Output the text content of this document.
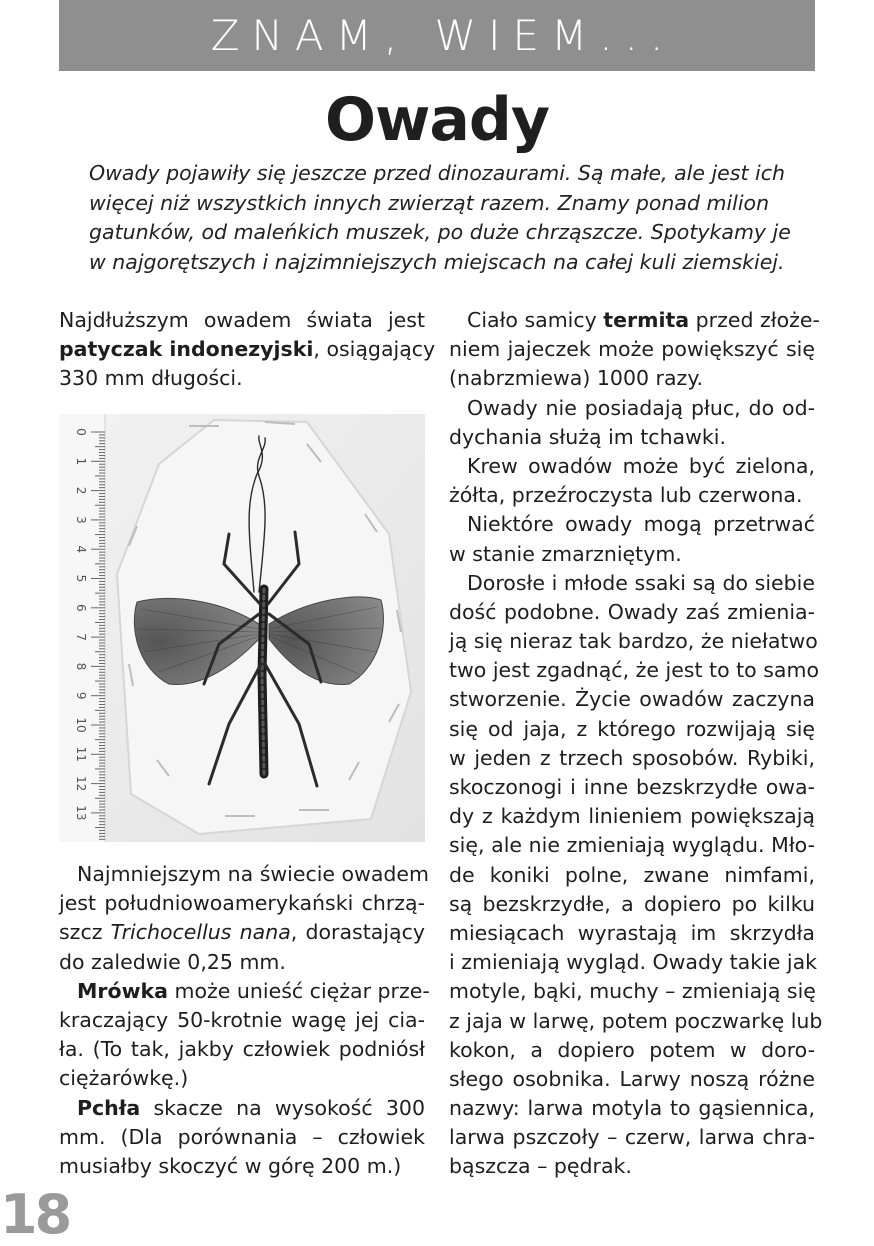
ZNAM, WIEM...
Owady
Owady pojawiły się jeszcze przed dinozaurami. Są małe, ale jest ich
więcej niż wszystkich innych zwierząt razem. Znamy ponad milion
gatunków, od maleńkich muszek, po duże chrząszcze. Spotykamy je
w najgorętszych i najzimniejszych miejscach na całej kuli ziemskiej.
Najdłuższym owadem świata jest
patyczak indonezyjski, osiągający
330 mm długości.
0
1
2
3
4
5
6
7
8
9
10
11
12
13
Najmniejszym na świecie owadem
jest południowoamerykański chrzą-
szcz Trichocellus nana, dorastający
do zaledwie 0,25 mm.
Mrówka może unieść ciężar prze-
kraczający 50-krotnie wagę jej cia-
ła. (To tak, jakby człowiek podniósł
ciężarówkę.)
Pchła skacze na wysokość 300
mm. (Dla porównania – człowiek
musiałby skoczyć w górę 200 m.)
Ciało samicy termita przed złoże-
niem jajeczek może powiększyć się
(nabrzmiewa) 1000 razy.
Owady nie posiadają płuc, do od-
dychania służą im tchawki.
Krew owadów może być zielona,
żółta, przeźroczysta lub czerwona.
Niektóre owady mogą przetrwać
w stanie zmarzniętym.
Dorosłe i młode ssaki są do siebie
dość podobne. Owady zaś zmienia-
ją się nieraz tak bardzo, że niełatwo
two jest zgadnąć, że jest to to samo
stworzenie. Życie owadów zaczyna
się od jaja, z którego rozwijają się
w jeden z trzech sposobów. Rybiki,
skoczonogi i inne bezskrzydłe owa-
dy z każdym linieniem powiększają
się, ale nie zmieniają wyglądu. Mło-
de koniki polne, zwane nimfami,
są bezskrzydłe, a dopiero po kilku
miesiącach wyrastają im skrzydła
i zmieniają wygląd. Owady takie jak
motyle, bąki, muchy – zmieniają się
z jaja w larwę, potem poczwarkę lub
kokon, a dopiero potem w doro-
słego osobnika. Larwy noszą różne
nazwy: larwa motyla to gąsiennica,
larwa pszczoły – czerw, larwa chra-
bąszcza – pędrak.
18
